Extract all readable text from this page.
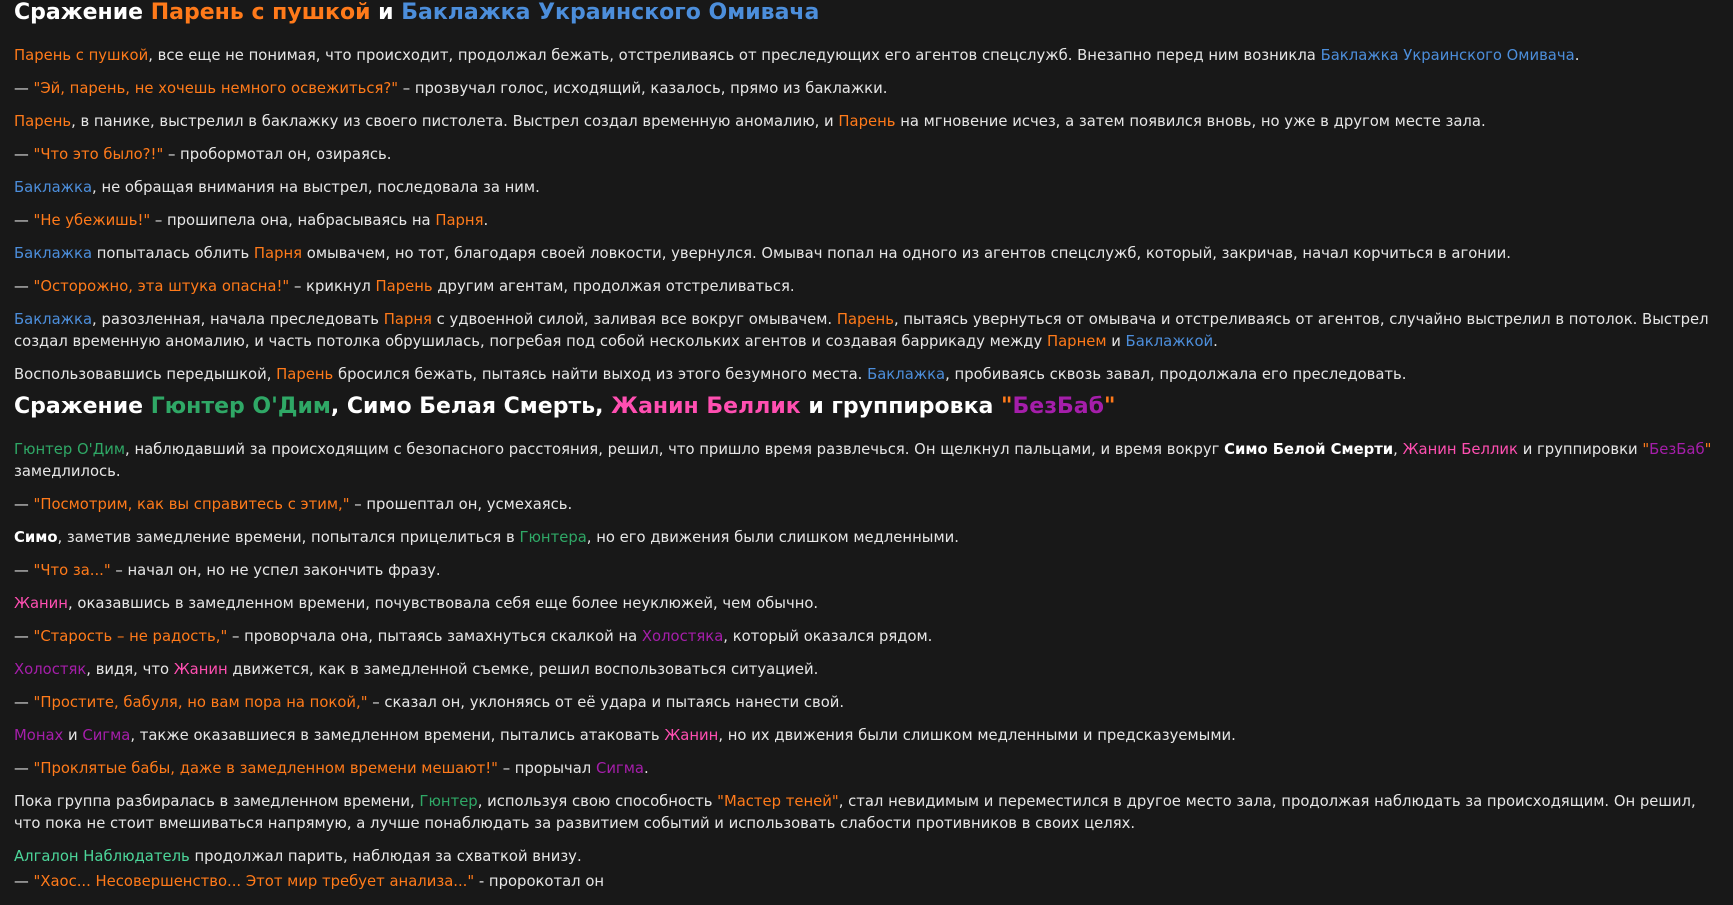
Сражение Парень с пушкой и Баклажка Украинского Омивача

Парень с пушкой, все еще не понимая, что происходит, продолжал бежать, отстреливаясь от преследующих его агентов спецслужб. Внезапно перед ним возникла Баклажка Украинского Омивача.

— "Эй, парень, не хочешь немного освежиться?" – прозвучал голос, исходящий, казалось, прямо из баклажки.

Парень, в панике, выстрелил в баклажку из своего пистолета. Выстрел создал временную аномалию, и Парень на мгновение исчез, а затем появился вновь, но уже в другом месте зала.

— "Что это было?!" – пробормотал он, озираясь.

Баклажка, не обращая внимания на выстрел, последовала за ним.

— "Не убежишь!" – прошипела она, набрасываясь на Парня.

Баклажка попыталась облить Парня омывачем, но тот, благодаря своей ловкости, увернулся. Омывач попал на одного из агентов спецслужб, который, закричав, начал корчиться в агонии.

— "Осторожно, эта штука опасна!" – крикнул Парень другим агентам, продолжая отстреливаться.

Баклажка, разозленная, начала преследовать Парня с удвоенной силой, заливая все вокруг омывачем. Парень, пытаясь увернуться от омывача и отстреливаясь от агентов, случайно выстрелил в потолок. Выстрел создал временную аномалию, и часть потолка обрушилась, погребая под собой нескольких агентов и создавая баррикаду между Парнем и Баклажкой.

Воспользовавшись передышкой, Парень бросился бежать, пытаясь найти выход из этого безумного места. Баклажка, пробиваясь сквозь завал, продолжала его преследовать.

Сражение Гюнтер О'Дим, Симо Белая Смерть, Жанин Беллик и группировка "БезБаб"

Гюнтер О'Дим, наблюдавший за происходящим с безопасного расстояния, решил, что пришло время развлечься. Он щелкнул пальцами, и время вокруг Симо Белой Смерти, Жанин Беллик и группировки "БезБаб" замедлилось.

— "Посмотрим, как вы справитесь с этим," – прошептал он, усмехаясь.

Симо, заметив замедление времени, попытался прицелиться в Гюнтера, но его движения были слишком медленными.

— "Что за..." – начал он, но не успел закончить фразу.

Жанин, оказавшись в замедленном времени, почувствовала себя еще более неуклюжей, чем обычно.

— "Старость – не радость," – проворчала она, пытаясь замахнуться скалкой на Холостяка, который оказался рядом.

Холостяк, видя, что Жанин движется, как в замедленной съемке, решил воспользоваться ситуацией.

— "Простите, бабуля, но вам пора на покой," – сказал он, уклоняясь от её удара и пытаясь нанести свой.

Монах и Сигма, также оказавшиеся в замедленном времени, пытались атаковать Жанин, но их движения были слишком медленными и предсказуемыми.

— "Проклятые бабы, даже в замедленном времени мешают!" – прорычал Сигма.

Пока группа разбиралась в замедленном времени, Гюнтер, используя свою способность "Мастер теней", стал невидимым и переместился в другое место зала, продолжая наблюдать за происходящим. Он решил, что пока не стоит вмешиваться напрямую, а лучше понаблюдать за развитием событий и использовать слабости противников в своих целях.

Алгалон Наблюдатель продолжал парить, наблюдая за схваткой внизу.

— "Хаос... Несовершенство... Этот мир требует анализа..." - пророкотал он
